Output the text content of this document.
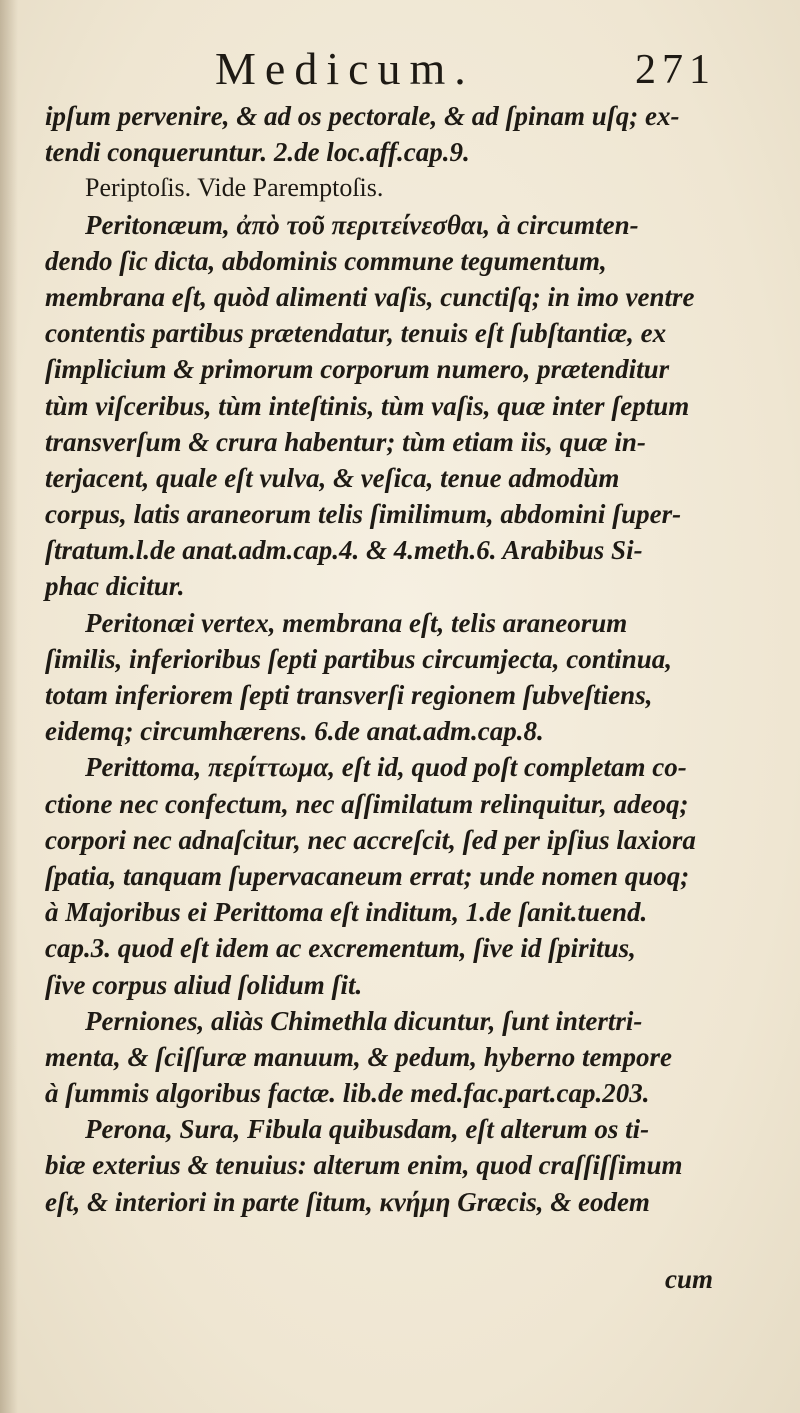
Medicum.	271
ipſum pervenire, & ad os pectorale, & ad ſpinam uſq; ex-
tendi conqueruntur. 2.de loc.aff.cap.9.
Periptoſis. Vide Paremptoſis.
Peritonæum, ἀπὸ τοῦ περιτείνεσθαι, à circumten-
dendo ſic dicta, abdominis commune tegumentum,
membrana eſt, quòd alimenti vaſis, cunctiſq; in imo ventre
contentis partibus prætendatur, tenuis eſt ſubſtantiæ, ex
ſimplicium & primorum corporum numero, prætenditur
tùm viſceribus, tùm inteſtinis, tùm vaſis, quæ inter ſeptum
transverſum & crura habentur; tùm etiam iis, quæ in-
terjacent, quale eſt vulva, & veſica, tenue admodùm
corpus, latis araneorum telis ſimilimum, abdomini ſuper-
ſtratum.l.de anat.adm.cap.4. & 4.meth.6. Arabibus Si-
phac dicitur.
Peritonæi vertex, membrana eſt, telis araneorum
ſimilis, inferioribus ſepti partibus circumjecta, continua,
totam inferiorem ſepti transverſi regionem ſubveſtiens,
eidemq; circumhærens. 6.de anat.adm.cap.8.
Perittoma, περίττωμα, eſt id, quod poſt completam co-
ctione nec confectum, nec aſſimilatum relinquitur, adeoq;
corpori nec adnaſcitur, nec accreſcit, ſed per ipſius laxiora
ſpatia, tanquam ſupervacaneum errat; unde nomen quoq;
à Majoribus ei Perittoma eſt inditum, 1.de ſanit.tuend.
cap.3. quod eſt idem ac excrementum, ſive id ſpiritus,
ſive corpus aliud ſolidum ſit.
Perniones, aliàs Chimethla dicuntur, ſunt intertri-
menta, & ſciſſuræ manuum, & pedum, hyberno tempore
à ſummis algoribus factæ. lib.de med.fac.part.cap.203.
Perona, Sura, Fibula quibusdam, eſt alterum os ti-
biæ exterius & tenuius: alterum enim, quod craſſiſſimum
eſt, & interiori in parte ſitum, κνήμη Græcis, & eodem
cum
